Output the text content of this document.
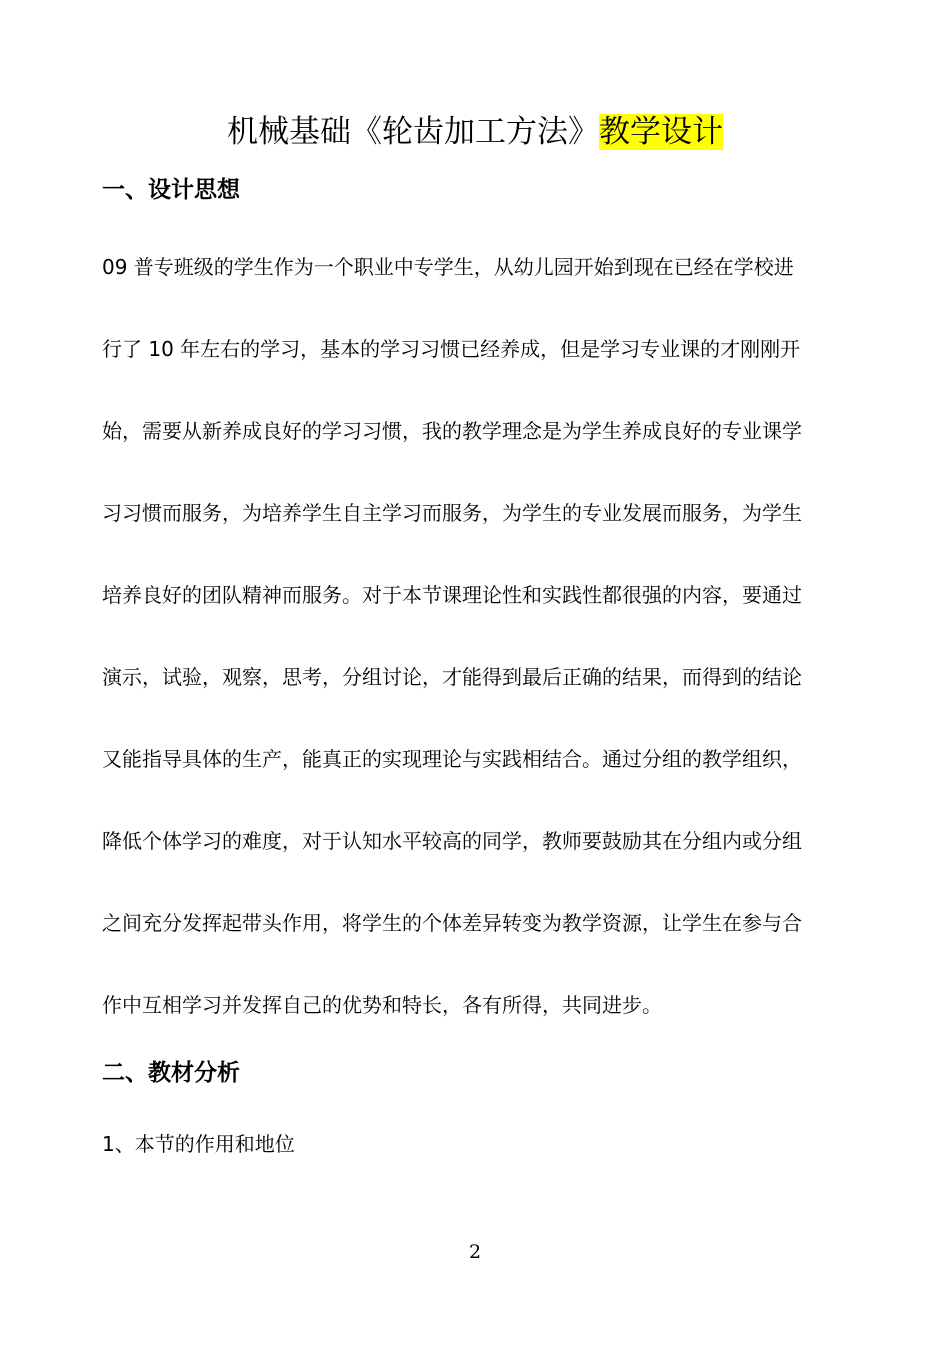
机械基础《轮齿加工方法》教学设计
一、设计思想
09 普专班级的学生作为一个职业中专学生，从幼儿园开始到现在已经在学校进
行了 10 年左右的学习，基本的学习习惯已经养成，但是学习专业课的才刚刚开
始，需要从新养成良好的学习习惯，我的教学理念是为学生养成良好的专业课学
习习惯而服务，为培养学生自主学习而服务，为学生的专业发展而服务，为学生
培养良好的团队精神而服务。对于本节课理论性和实践性都很强的内容，要通过
演示，试验，观察，思考，分组讨论，才能得到最后正确的结果，而得到的结论
又能指导具体的生产，能真正的实现理论与实践相结合。通过分组的教学组织，
降低个体学习的难度，对于认知水平较高的同学，教师要鼓励其在分组内或分组
之间充分发挥起带头作用，将学生的个体差异转变为教学资源，让学生在参与合
作中互相学习并发挥自己的优势和特长，各有所得，共同进步。
二、教材分析
1、本节的作用和地位
2
